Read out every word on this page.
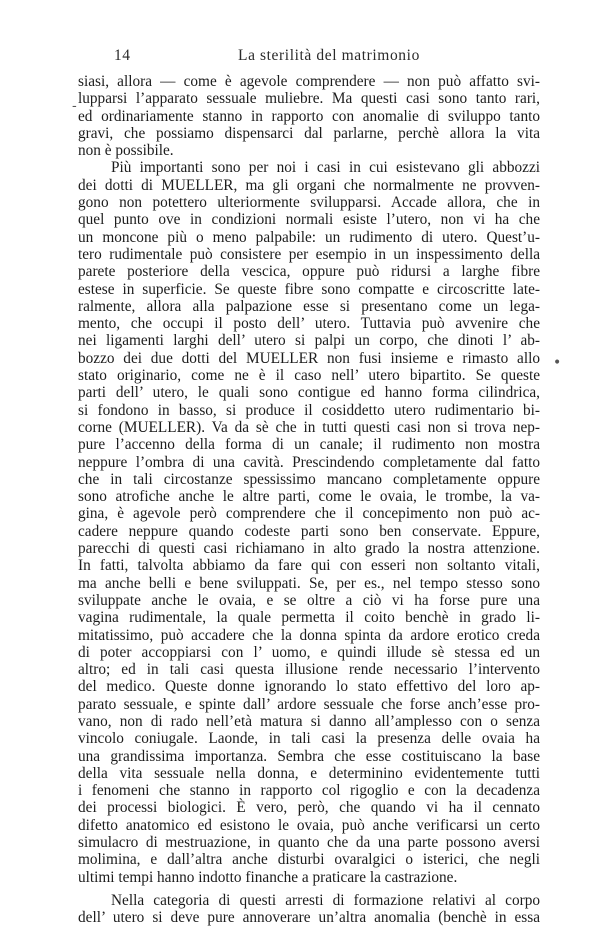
14	La sterilità del matrimonio
-
•
siasi, allora — come è agevole comprendere — non può affatto svi-
lupparsi l’apparato sessuale muliebre. Ma questi casi sono tanto rari,
ed ordinariamente stanno in rapporto con anomalie di sviluppo tanto
gravi, che possiamo dispensarci dal parlarne, perchè allora la vita
non è possibile.
Più importanti sono per noi i casi in cui esistevano gli abbozzi
dei dotti di MUELLER, ma gli organi che normalmente ne provven-
gono non potettero ulteriormente svilupparsi. Accade allora, che in
quel punto ove in condizioni normali esiste l’utero, non vi ha che
un moncone più o meno palpabile: un rudimento di utero. Quest’u-
tero rudimentale può consistere per esempio in un inspessimento della
parete posteriore della vescica, oppure può ridursi a larghe fibre
estese in superficie. Se queste fibre sono compatte e circoscritte late-
ralmente, allora alla palpazione esse si presentano come un lega-
mento, che occupi il posto dell’ utero. Tuttavia può avvenire che
nei ligamenti larghi dell’ utero si palpi un corpo, che dinoti l’ ab-
bozzo dei due dotti del MUELLER non fusi insieme e rimasto allo
stato originario, come ne è il caso nell’ utero bipartito. Se queste
parti dell’ utero, le quali sono contigue ed hanno forma cilindrica,
si fondono in basso, si produce il cosiddetto utero rudimentario bi-
corne (MUELLER). Va da sè che in tutti questi casi non si trova nep-
pure l’accenno della forma di un canale; il rudimento non mostra
neppure l’ombra di una cavità. Prescindendo completamente dal fatto
che in tali circostanze spessissimo mancano completamente oppure
sono atrofiche anche le altre parti, come le ovaia, le trombe, la va-
gina, è agevole però comprendere che il concepimento non può ac-
cadere neppure quando codeste parti sono ben conservate. Eppure,
parecchi di questi casi richiamano in alto grado la nostra attenzione.
In fatti, talvolta abbiamo da fare qui con esseri non soltanto vitali,
ma anche belli e bene sviluppati. Se, per es., nel tempo stesso sono
sviluppate anche le ovaia, e se oltre a ciò vi ha forse pure una
vagina rudimentale, la quale permetta il coito benchè in grado li-
mitatissimo, può accadere che la donna spinta da ardore erotico creda
di poter accoppiarsi con l’ uomo, e quindi illude sè stessa ed un
altro; ed in tali casi questa illusione rende necessario l’intervento
del medico. Queste donne ignorando lo stato effettivo del loro ap-
parato sessuale, e spinte dall’ ardore sessuale che forse anch’esse pro-
vano, non di rado nell’età matura si danno all’amplesso con o senza
vincolo coniugale. Laonde, in tali casi la presenza delle ovaia ha
una grandissima importanza. Sembra che esse costituiscano la base
della vita sessuale nella donna, e determinino evidentemente tutti
i fenomeni che stanno in rapporto col rigoglio e con la decadenza
dei processi biologici. È vero, però, che quando vi ha il cennato
difetto anatomico ed esistono le ovaia, può anche verificarsi un certo
simulacro di mestruazione, in quanto che da una parte possono aversi
molimina, e dall’altra anche disturbi ovaralgici o isterici, che negli
ultimi tempi hanno indotto finanche a praticare la castrazione.
Nella categoria di questi arresti di formazione relativi al corpo
dell’ utero si deve pure annoverare un’altra anomalia (benchè in essa
